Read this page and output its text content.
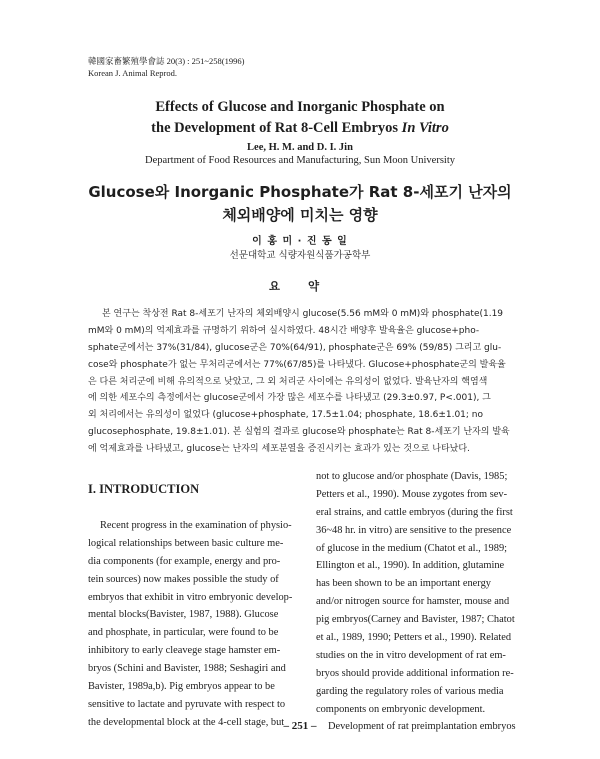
韓國家畜繁殖學會誌 20(3) : 251~258(1996)
Korean J. Animal Reprod.
Effects of Glucose and Inorganic Phosphate on
the Development of Rat 8-Cell Embryos In Vitro
Lee, H. M. and D. I. Jin
Department of Food Resources and Manufacturing, Sun Moon University
Glucose와 Inorganic Phosphate가 Rat 8-세포기 난자의
체외배양에 미치는 영향
이 홍 미 · 진 동 일
선문대학교 식량자원식품가공학부
요 약
본 연구는 착상전 Rat 8-세포기 난자의 체외배양시 glucose(5.56 mM와 0 mM)와 phosphate(1.19
mM와 0 mM)의 억제효과를 규명하기 위하여 실시하였다. 48시간 배양후 발육율은 glucose+pho-
sphate군에서는 37%(31/84), glucose군은 70%(64/91), phosphate군은 69% (59/85) 그리고 glu-
cose와 phosphate가 없는 무처리군에서는 77%(67/85)를 나타냈다. Glucose+phosphate군의 발육율
은 다른 처리군에 비해 유의적으로 낮았고, 그 외 처리군 사이에는 유의성이 없었다. 발육난자의 핵염색
에 의한 세포수의 측정에서는 glucose군에서 가장 많은 세포수를 나타냈고 (29.3±0.97, P<.001), 그
외 처리에서는 유의성이 없었다 (glucose+phosphate, 17.5±1.04; phosphate, 18.6±1.01; no
glucosephosphate, 19.8±1.01). 본 실험의 결과로 glucose와 phosphate는 Rat 8-세포기 난자의 발육
에 억제효과를 나타냈고, glucose는 난자의 세포분열을 증진시키는 효과가 있는 것으로 나타났다.
I. INTRODUCTION
Recent progress in the examination of physio-
logical relationships between basic culture me-
dia components (for example, energy and pro-
tein sources) now makes possible the study of
embryos that exhibit in vitro embryonic develop-
mental blocks(Bavister, 1987, 1988). Glucose
and phosphate, in particular, were found to be
inhibitory to early cleavege stage hamster em-
bryos (Schini and Bavister, 1988; Seshagiri and
Bavister, 1989a,b). Pig embryos appear to be
sensitive to lactate and pyruvate with respect to
the developmental block at the 4-cell stage, but
not to glucose and/or phosphate (Davis, 1985;
Petters et al., 1990). Mouse zygotes from sev-
eral strains, and cattle embryos (during the first
36~48 hr. in vitro) are sensitive to the presence
of glucose in the medium (Chatot et al., 1989;
Ellington et al., 1990). In addition, glutamine
has been shown to be an important energy
and/or nitrogen source for hamster, mouse and
pig embryos(Carney and Bavister, 1987; Chatot
et al., 1989, 1990; Petters et al., 1990). Related
studies on the in vitro development of rat em-
bryos should provide additional information re-
garding the regulatory roles of various media
components on embryonic development.
Development of rat preimplantation embryos
– 251 –
